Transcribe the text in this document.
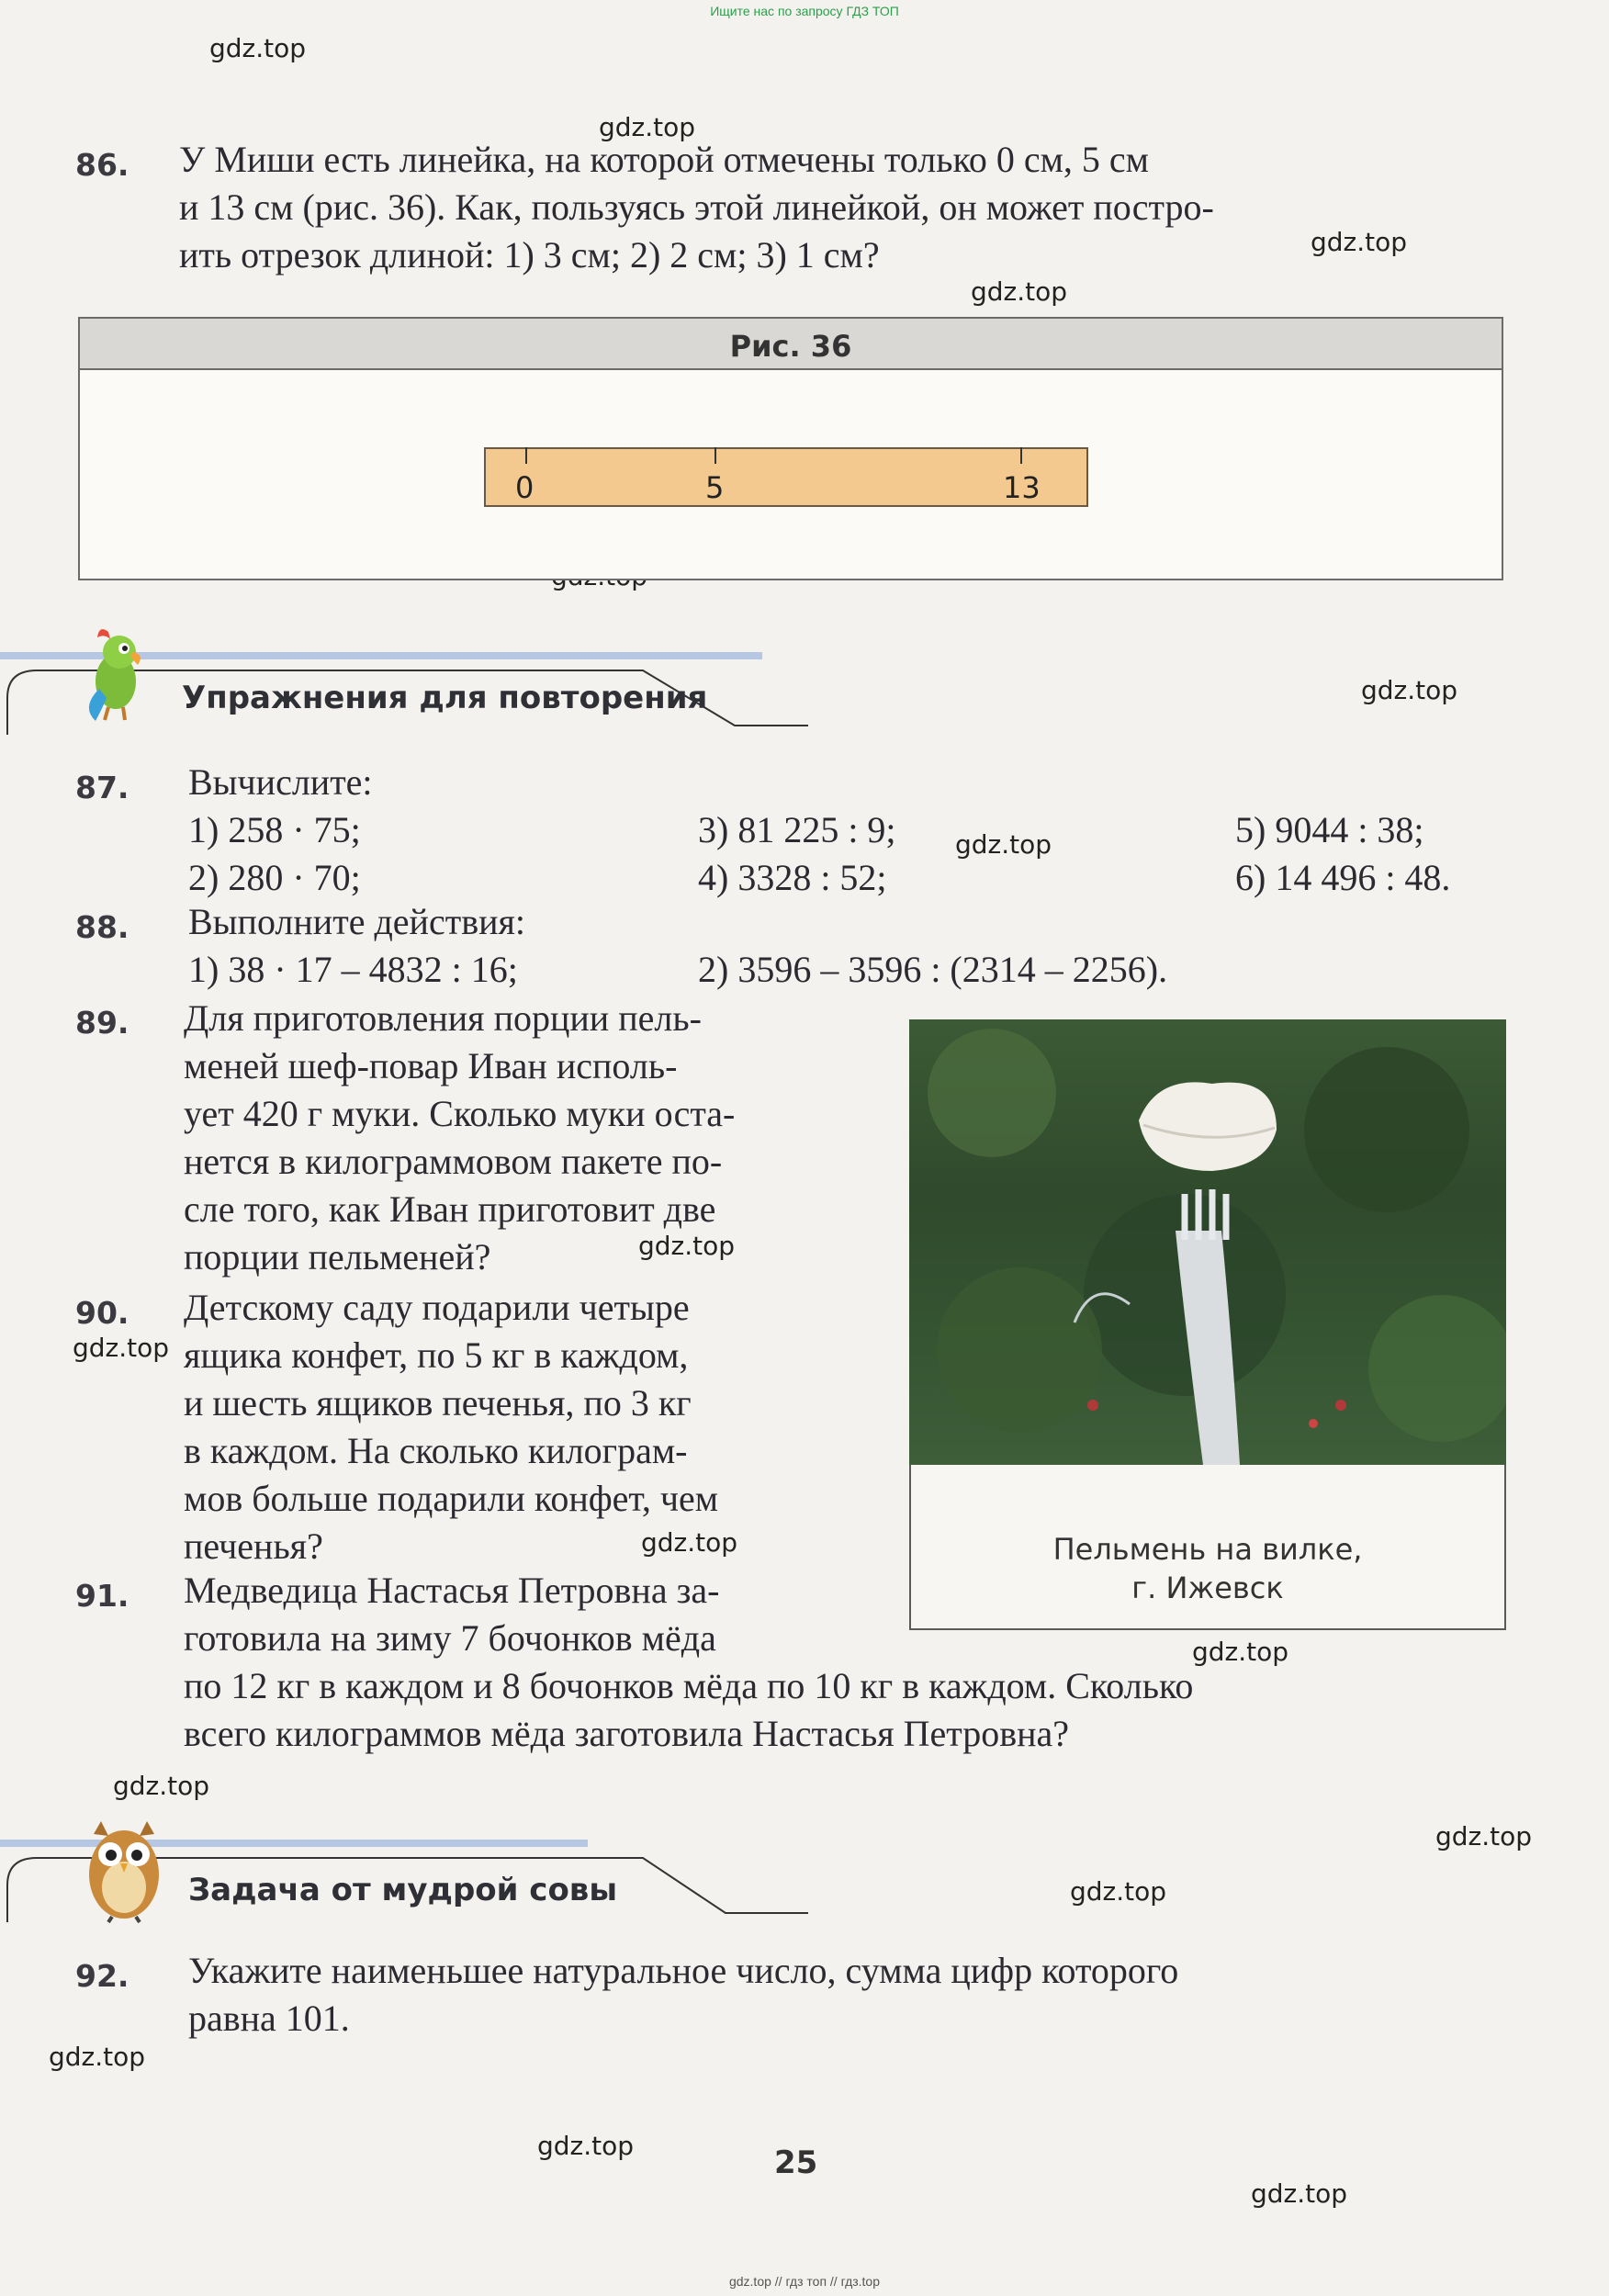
Ищите нас по запросу ГДЗ ТОП
gdz.top // гдз топ // гдз.top
gdz.top
gdz.top
gdz.top
gdz.top
gdz.top
gdz.top
gdz.top
gdz.top
gdz.top
gdz.top
gdz.top
gdz.top
gdz.top
gdz.top
gdz.top
gdz.top
86. У Миши есть линейка, на которой отмечены только 0 см, 5 см
и 13 см (рис. 36). Как, пользуясь этой линейкой, он может постро-
ить отрезок длиной: 1) 3 см; 2) 2 см; 3) 1 см?
Рис. 36
0	5	13
Упражнения для повторения
87. Вычислите:
1) 258 · 75;
2) 280 · 70;
3) 81 225 : 9;
4) 3328 : 52;
5) 9044 : 38;
6) 14 496 : 48.
88. Выполните действия:
1) 38 · 17 – 4832 : 16;	2) 3596 – 3596 : (2314 – 2256).
89. Для приготовления порции пель-
меней шеф-повар Иван исполь-
ует 420 г муки. Сколько муки оста-
нется в килограммовом пакете по-
сле того, как Иван приготовит две
порции пельменей?
Пельмень на вилке,
г. Ижевск
90. Детскому саду подарили четыре
ящика конфет, по 5 кг в каждом,
и шесть ящиков печенья, по 3 кг
в каждом. На сколько килограм-
мов больше подарили конфет, чем
печенья?
91. Медведица Настасья Петровна за-
готовила на зиму 7 бочонков мёда
по 12 кг в каждом и 8 бочонков мёда по 10 кг в каждом. Сколько
всего килограммов мёда заготовила Настасья Петровна?
Задача от мудрой совы
92. Укажите наименьшее натуральное число, сумма цифр которого
равна 101.
25
